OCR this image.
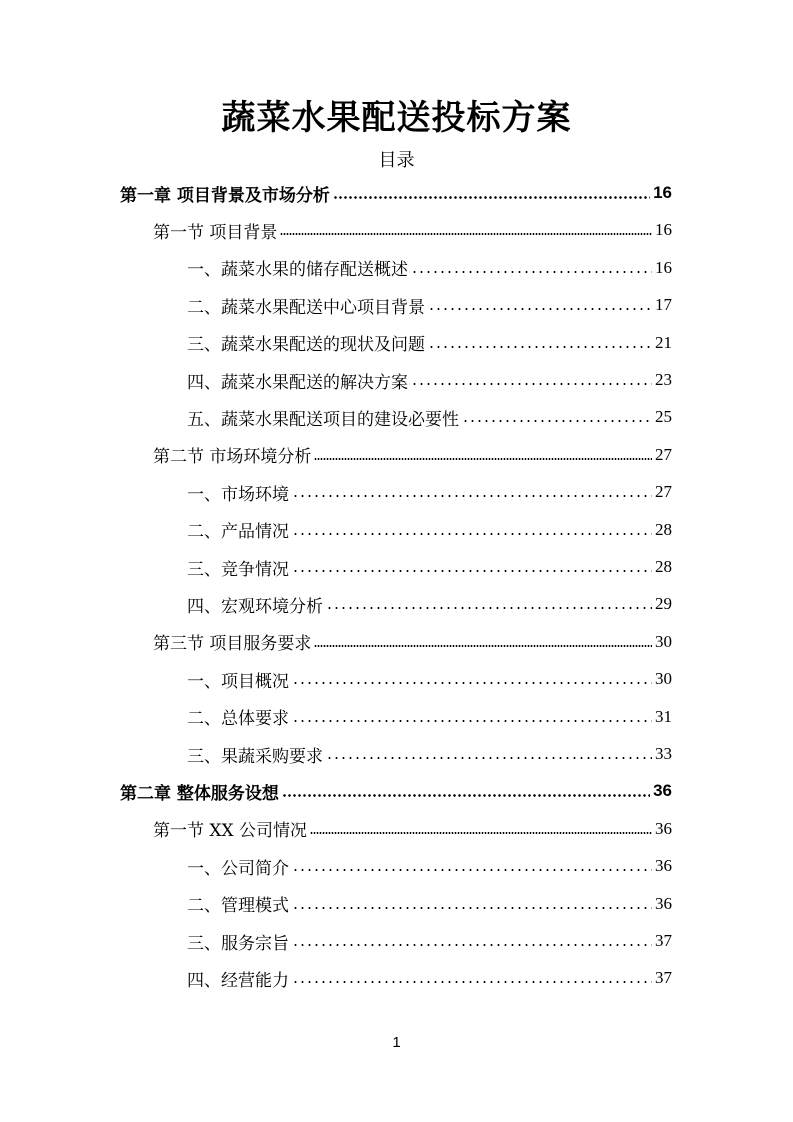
蔬菜水果配送投标方案
目录
第一章 项目背景及市场分析	16
第一节 项目背景	16
一、蔬菜水果的储存配送概述	16
二、蔬菜水果配送中心项目背景	17
三、蔬菜水果配送的现状及问题	21
四、蔬菜水果配送的解决方案	23
五、蔬菜水果配送项目的建设必要性	25
第二节 市场环境分析	27
一、市场环境	27
二、产品情况	28
三、竞争情况	28
四、宏观环境分析	29
第三节 项目服务要求	30
一、项目概况	30
二、总体要求	31
三、果蔬采购要求	33
第二章 整体服务设想	36
第一节 XX 公司情况	36
一、公司简介	36
二、管理模式	36
三、服务宗旨	37
四、经营能力	37
1
